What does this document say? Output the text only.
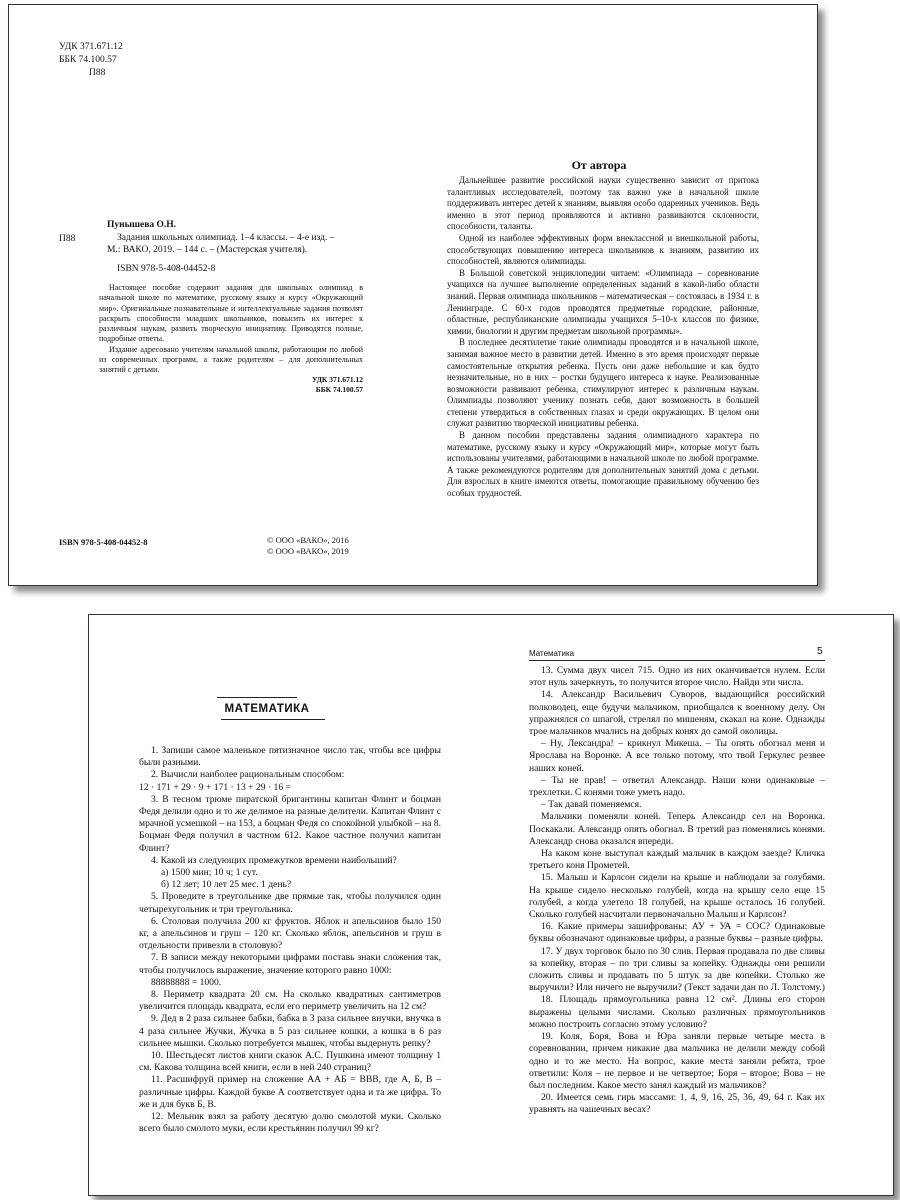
УДК 371.671.12
ББК 74.100.57
П88
П88
Пунышева О.Н.
Задания школьных олимпиад. 1–4 классы. – 4-е изд. –
М.: ВАКО, 2019. – 144 с. – (Мастерская учителя).
ISBN 978-5-408-04452-8

Настоящее пособие содержит задания для школьных олимпиад в начальной школе по математике, русскому языку и курсу «Окружающий мир». Оригинальные познавательные и интеллектуальные задания позволят раскрыть способности младших школьников, повысить их интерес к различным наукам, развить творческую инициативу. Приводятся полные, подробные ответы.

Издание адресовано учителям начальной школы, работающим по любой из современных программ, а также родителям – для дополнительных занятий с детьми.

УДК 371.671.12
ББК 74.100.57
ISBN 978-5-408-04452-8	© ООО «ВАКО», 2016
© ООО «ВАКО», 2019
От автора

Дальнейшее развитие российской науки существенно зависит от притока талантливых исследователей, поэтому так важно уже в начальной школе поддерживать интерес детей к знаниям, выявляя особо одаренных учеников. Ведь именно в этот период проявляются и активно развиваются склонности, способности, таланты.

Одной из наиболее эффективных форм внеклассной и внешкольной работы, способствующих повышению интереса школьников к знаниям, развитию их способностей, являются олимпиады.

В Большой советской энциклопедии читаем: «Олимпиада – соревнование учащихся на лучшее выполнение определенных заданий в какой-либо области знаний. Первая олимпиада школьников – математическая – состоялась в 1934 г. в Ленинграде. С 60-х годов проводятся предметные городские, районные, областные, республиканские олимпиады учащихся 5–10-х классов по физике, химии, биологии и другим предметам школьной программы».

В последнее десятилетие такие олимпиады проводятся и в начальной школе, занимая важное место в развитии детей. Именно в это время происходят первые самостоятельные открытия ребенка. Пусть они даже небольшие и как будто незначительные, но в них – ростки будущего интереса к науке. Реализованные возможности развивают ребенка, стимулируют интерес к различным наукам. Олимпиады позволяют ученику познать себя, дают возможность в большей степени утвердиться в собственных глазах и среди окружающих. В целом они служат развитию творческой инициативы ребенка.

В данном пособии представлены задания олимпиадного характера по математике, русскому языку и курсу «Окружающий мир», которые могут быть использованы учителями, работающими в начальной школе по любой программе. А также рекомендуются родителям для дополнительных занятий дома с детьми. Для взрослых в книге имеются ответы, помогающие правильному обучению без особых трудностей.

МАТЕМАТИКА

1. Запиши самое маленькое пятизначное число так, чтобы все цифры были разными.

2. Вычисли наиболее рациональным способом:

12 · 171 + 29 · 9 + 171 · 13 + 29 · 16 =

3. В тесном трюме пиратской бригантины капитан Флинт и боцман Федя делили одно и то же делимое на разные делители. Капитан Флинт с мрачной усмешкой – на 153, а боцман Федя со спокойной улыбкой – на 8. Боцман Федя получил в частном 612. Какое частное получил капитан Флинт?

4. Какой из следующих промежутков времени наибольший?

а) 1500 мин; 10 ч; 1 сут.

б) 12 лет; 10 лет 25 мес. 1 день?

5. Проведите в треугольнике две прямые так, чтобы получился один четырехугольник и три треугольника.

6. Столовая получила 200 кг фруктов. Яблок и апельсинов было 150 кг, а апельсинов и груш – 120 кг. Сколько яблок, апельсинов и груш в отдельности привезли в столовую?

7. В записи между некоторыми цифрами поставь знаки сложения так, чтобы получилось выражение, значение которого равно 1000:

88888888 = 1000.

8. Периметр квадрата 20 см. На сколько квадратных сантиметров увеличится площадь квадрата, если его периметр увеличить на 12 см?

9. Дед в 2 раза сильнее бабки, бабка в 3 раза сильнее внучки, внучка в 4 раза сильнее Жучки, Жучка в 5 раз сильнее кошки, а кошка в 6 раз сильнее мышки. Сколько потребуется мышек, чтобы выдернуть репку?

10. Шестьдесят листов книги сказок А.С. Пушкина имеют толщину 1 см. Какова толщина всей книги, если в ней 240 страниц?

11. Расшифруй пример на сложение АА + АБ = ВВВ, где А, Б, В – различные цифры. Каждой букве А соответствует одна и та же цифра. То же и для букв Б, В.

12. Мельник взял за работу десятую долю смолотой муки. Сколько всего было смолото муки, если крестьянин получил 99 кг?

Математика	5

13. Сумма двух чисел 715. Одно из них оканчивается нулем. Если этот нуль зачеркнуть, то получится второе число. Найди эти числа.

14. Александр Васильевич Суворов, выдающийся российский полководец, еще будучи мальчиком, приобщался к военному делу. Он упражнялся со шпагой, стрелял по мишеням, скакал на коне. Однажды трое мальчиков мчались на добрых конях до самой околицы.

– Ну, Лександра! – крикнул Микеша. – Ты опять обогнал меня и Ярослава на Воронке. А все только потому, что твой Геркулес резвее наших коней.

– Ты не прав! – ответил Александр. Наши кони одинаковые – трехлетки. С конями тоже уметь надо.

– Так давай поменяемся.

Мальчики поменяли коней. Теперь Александр сел на Воронка. Поскакали. Александр опять обогнал. В третий раз поменялись конями. Александр снова оказался впереди.

На каком коне выступал каждый мальчик в каждом заезде? Кличка третьего коня Прометей.

15. Малыш и Карлсон сидели на крыше и наблюдали за голубями. На крыше сидело несколько голубей, когда на крышу село еще 15 голубей, а когда улетело 18 голубей, на крыше осталось 16 голубей. Сколько голубей насчитали первоначально Малыш и Карлсон?

16. Какие примеры зашифрованы: АУ + УА = СОС? Одинаковые буквы обозначают одинаковые цифры, а разные буквы – разные цифры.

17. У двух торговок было по 30 слив. Первая продавала по две сливы за копейку, вторая – по три сливы за копейку. Однажды они решили сложить сливы и продавать по 5 штук за две копейки. Столько же выручили? Или ничего не выручили? (Текст задачи дан по Л. Толстому.)

18. Площадь прямоугольника равна 12 см². Длины его сторон выражены целыми числами. Сколько различных прямоугольников можно построить согласно этому условию?

19. Коля, Боря, Вова и Юра заняли первые четыре места в соревновании, причем никакие два мальчика не делили между собой одно и то же место. На вопрос, какие места заняли ребята, трое ответили: Коля – не первое и не четвертое; Боря – второе; Вова – не был последним. Какое место занял каждый из мальчиков?

20. Имеется семь гирь массами: 1, 4, 9, 16, 25, 36, 49, 64 г. Как их уравнять на чашечных весах?
